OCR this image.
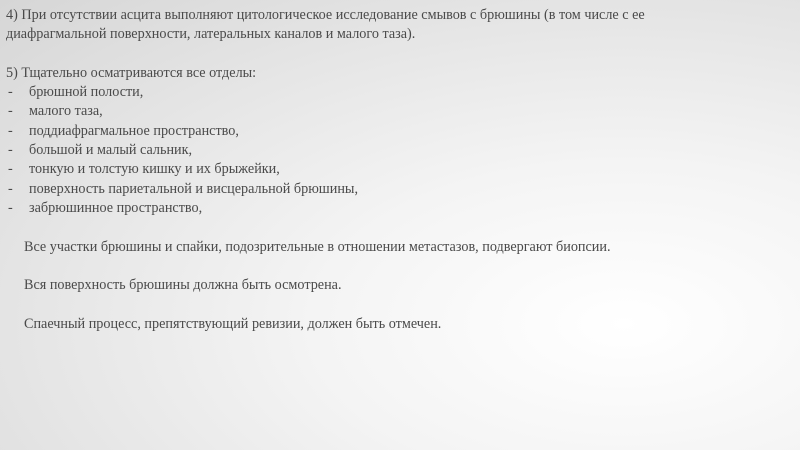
4) При отсутствии асцита выполняют цитологическое исследование смывов с брюшины (в том числе с ее

диафрагмальной поверхности, латеральных каналов и малого таза).

5) Тщательно осматриваются все отделы:

-	брюшной полости,
-	малого таза,
-	поддиафрагмальное пространство,
-	большой и малый сальник,
-	тонкую и толстую кишку и их брыжейки,
-	поверхность париетальной и висцеральной брюшины,
-	забрюшинное пространство,

Все участки брюшины и спайки, подозрительные в отношении метастазов, подвергают биопсии.

Вся поверхность брюшины должна быть осмотрена.

Спаечный процесс, препятствующий ревизии, должен быть отмечен.
